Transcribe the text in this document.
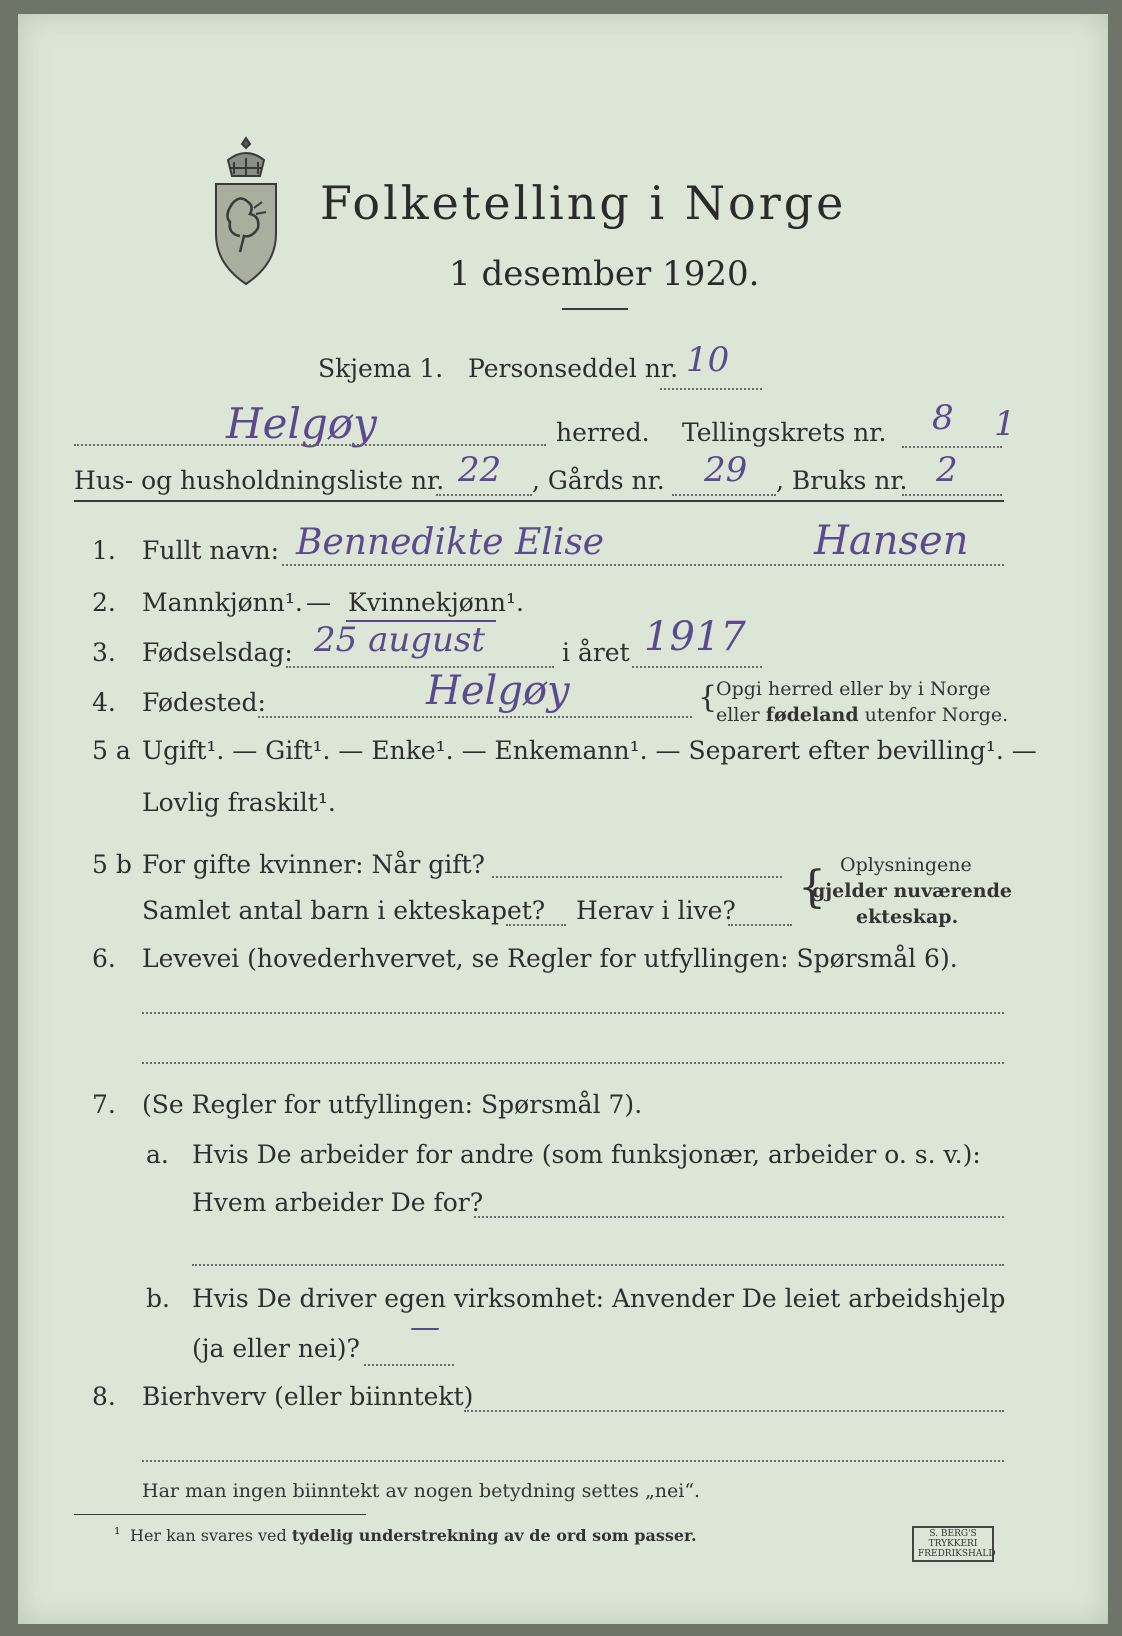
Folketelling i Norge
1 desember 1920.
Skjema 1. Personseddel nr. 10
Helgøy	herred. Tellingskrets nr. 8 1
Hus- og husholdningsliste nr. 22 , Gårds nr. 29 , Bruks nr. 2
1. Fullt navn: Bennedikte Elise	Hansen
2. Mannkjønn¹. — Kvinnekjønn¹.
3. Fødselsdag: 25 august	i året 1917
4. Fødested:	Helgøy	{
Opgi herred eller by i Norge
eller fødeland utenfor Norge.
5 a Ugift¹. — Gift¹. — Enke¹. — Enkemann¹. — Separert efter bevilling¹. —
Lovlig fraskilt¹.
5 b For gifte kvinner: Når gift?
Samlet antal barn i ekteskapet? Herav i live? { Oplysningene
gjelder nuværende
ekteskap.
6. Levevei (hovederhvervet, se Regler for utfyllingen: Spørsmål 6).
7. (Se Regler for utfyllingen: Spørsmål 7).
a. Hvis De arbeider for andre (som funksjonær, arbeider o. s. v.):
Hvem arbeider De for?
b. Hvis De driver egen virksomhet: Anvender De leiet arbeidshjelp
(ja eller nei)?
—
8. Bierhverv (eller biinntekt)
Har man ingen biinntekt av nogen betydning settes „nei“.
¹ Her kan svares ved tydelig understrekning av de ord som passer.	S. BERG'S TRYKKERI FREDRIKSHALD
